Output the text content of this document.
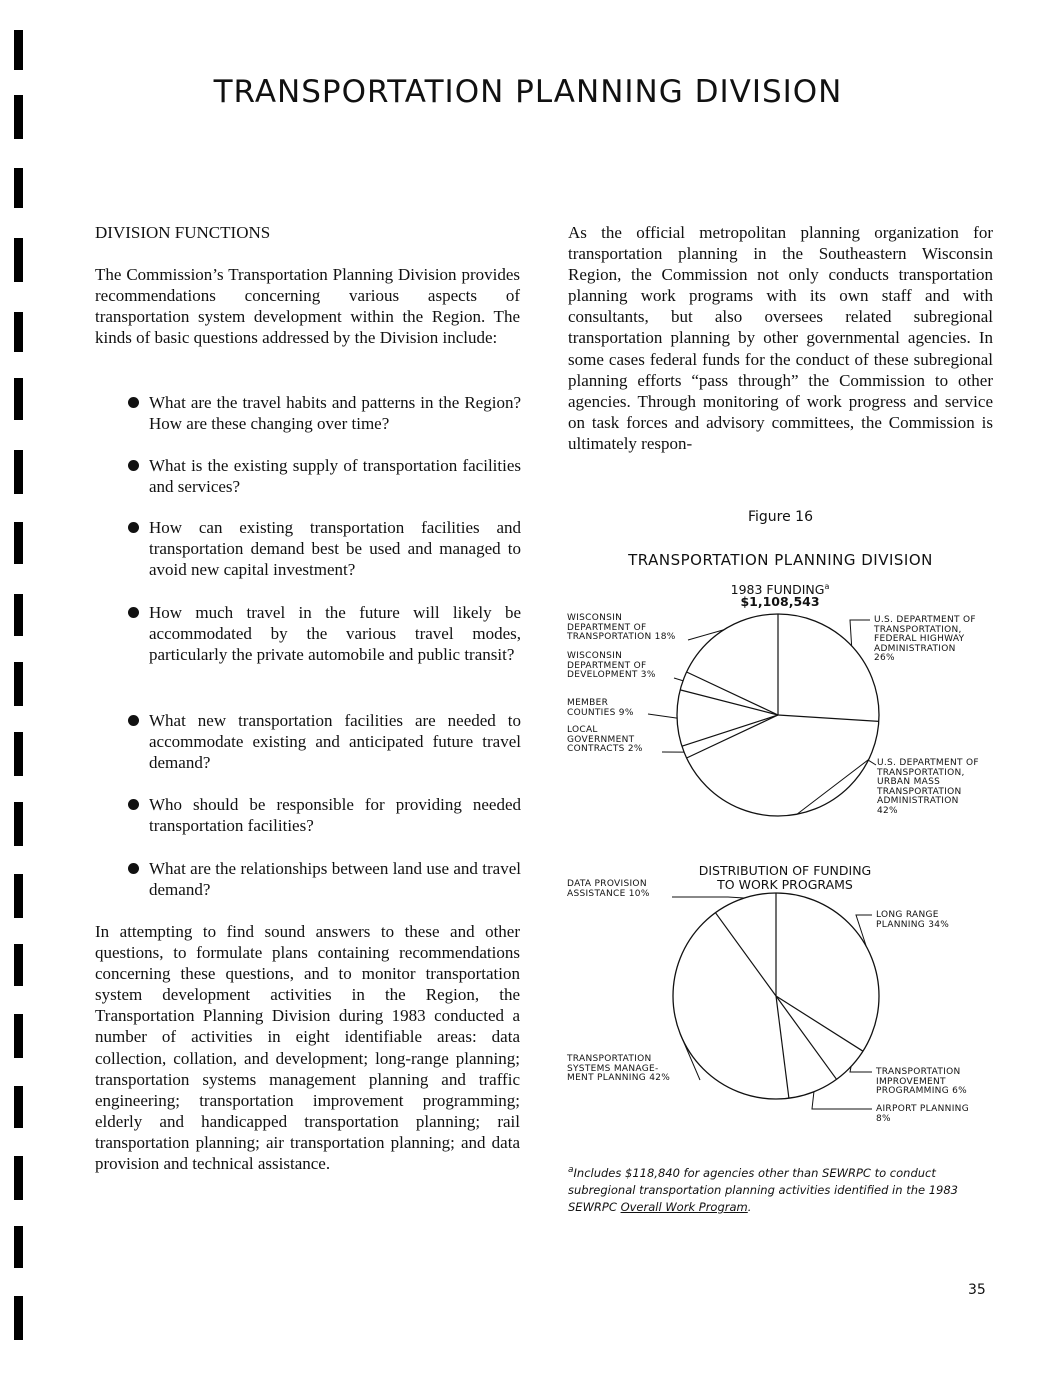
TRANSPORTATION PLANNING DIVISION
DIVISION FUNCTIONS

The Commission’s Transportation Planning Division provides recommendations concerning various aspects of transportation system development within the Region. The kinds of basic questions addressed by the Division include:

What are the travel habits and patterns in the Region? How are these changing over time?
What is the existing supply of transportation facilities and services?
How can existing transportation facilities and transportation demand best be used and managed to avoid new capital investment?
How much travel in the future will likely be accommodated by the various travel modes, particularly the private automobile and public transit?
What new transportation facilities are needed to accommodate existing and anticipated future travel demand?
Who should be responsible for providing needed transportation facilities?
What are the relationships between land use and travel demand?

In attempting to find sound answers to these and other questions, to formulate plans containing recommendations concerning these questions, and to monitor transportation system development activities in the Region, the Transportation Planning Division during 1983 conducted a number of activities in eight identifiable areas: data collection, collation, and development; long-range planning; transportation systems management planning and traffic engineering; transportation improvement programming; elderly and handicapped transportation planning; rail transportation planning; air transportation planning; and data provision and technical assistance.

As the official metropolitan planning organization for transportation planning in the Southeastern Wisconsin Region, the Commission not only conducts transportation planning work programs with its own staff and with consultants, but also oversees related subregional transportation planning by other governmental agencies. In some cases federal funds for the conduct of these subregional planning efforts “pass through” the Commission to other agencies. Through monitoring of work progress and service on task forces and advisory committees, the Commission is ultimately respon-

Figure 16
TRANSPORTATION PLANNING DIVISION
1983 FUNDING$^a$
$1,108,543
DISTRIBUTION OF FUNDING
TO WORK PROGRAMS
U.S. DEPARTMENT OF
TRANSPORTATION,
FEDERAL HIGHWAY
ADMINISTRATION
26%
U.S. DEPARTMENT OF
TRANSPORTATION,
URBAN MASS
TRANSPORTATION
ADMINISTRATION
42%
LOCAL
GOVERNMENT
CONTRACTS 2%
MEMBER
COUNTIES 9%
WISCONSIN
DEPARTMENT OF
DEVELOPMENT 3%
WISCONSIN
DEPARTMENT OF
TRANSPORTATION 18%
LONG RANGE
PLANNING 34%
TRANSPORTATION
IMPROVEMENT
PROGRAMMING 6%
AIRPORT PLANNING
8%
TRANSPORTATION
SYSTEMS MANAGE-
MENT PLANNING 42%
DATA PROVISION
ASSISTANCE 10%
$^a$Includes $118,840 for agencies other than SEWRPC to conduct subregional transportation planning activities identified in the 1983 SEWRPC Overall Work Program.
35
